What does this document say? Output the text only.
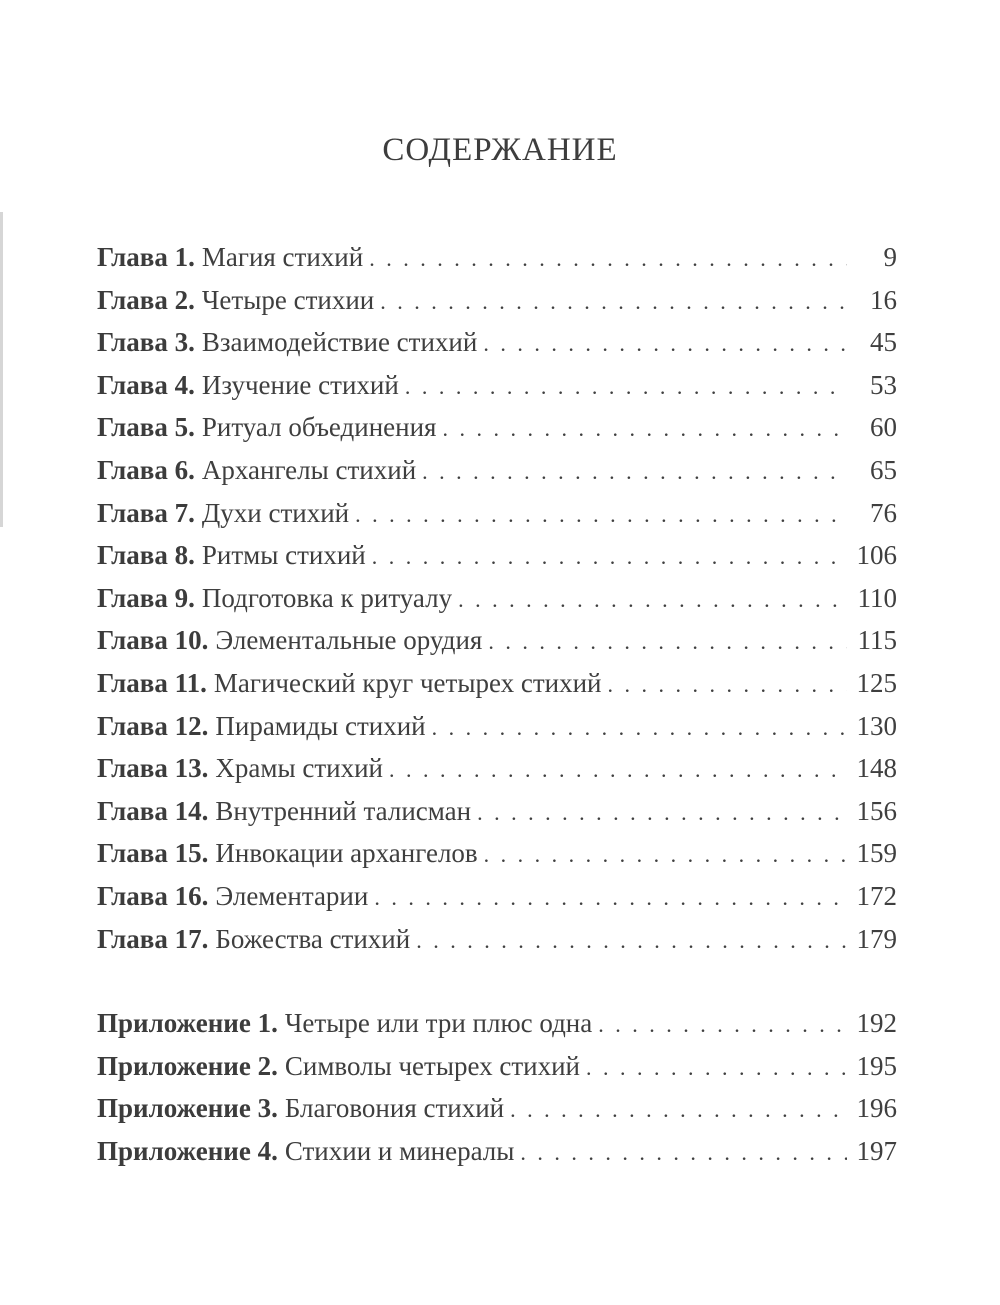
СОДЕРЖАНИЕ
Глава 1. Магия стихий . . .	9
Глава 2. Четыре стихии . . .	16
Глава 3. Взаимодействие стихий . . .	45
Глава 4. Изучение стихий . . .	53
Глава 5. Ритуал объединения . . .	60
Глава 6. Архангелы стихий . . .	65
Глава 7. Духи стихий . . .	76
Глава 8. Ритмы стихий . . .	106
Глава 9. Подготовка к ритуалу . . .	110
Глава 10. Элементальные орудия . . .	115
Глава 11. Магический круг четырех стихий . . .	125
Глава 12. Пирамиды стихий . . .	130
Глава 13. Храмы стихий . . .	148
Глава 14. Внутренний талисман . . .	156
Глава 15. Инвокации архангелов . . .	159
Глава 16. Элементарии . . .	172
Глава 17. Божества стихий . . .	179
Приложение 1. Четыре или три плюс одна . . .	192
Приложение 2. Символы четырех стихий . . .	195
Приложение 3. Благовония стихий . . .	196
Приложение 4. Стихии и минералы . . .	197
